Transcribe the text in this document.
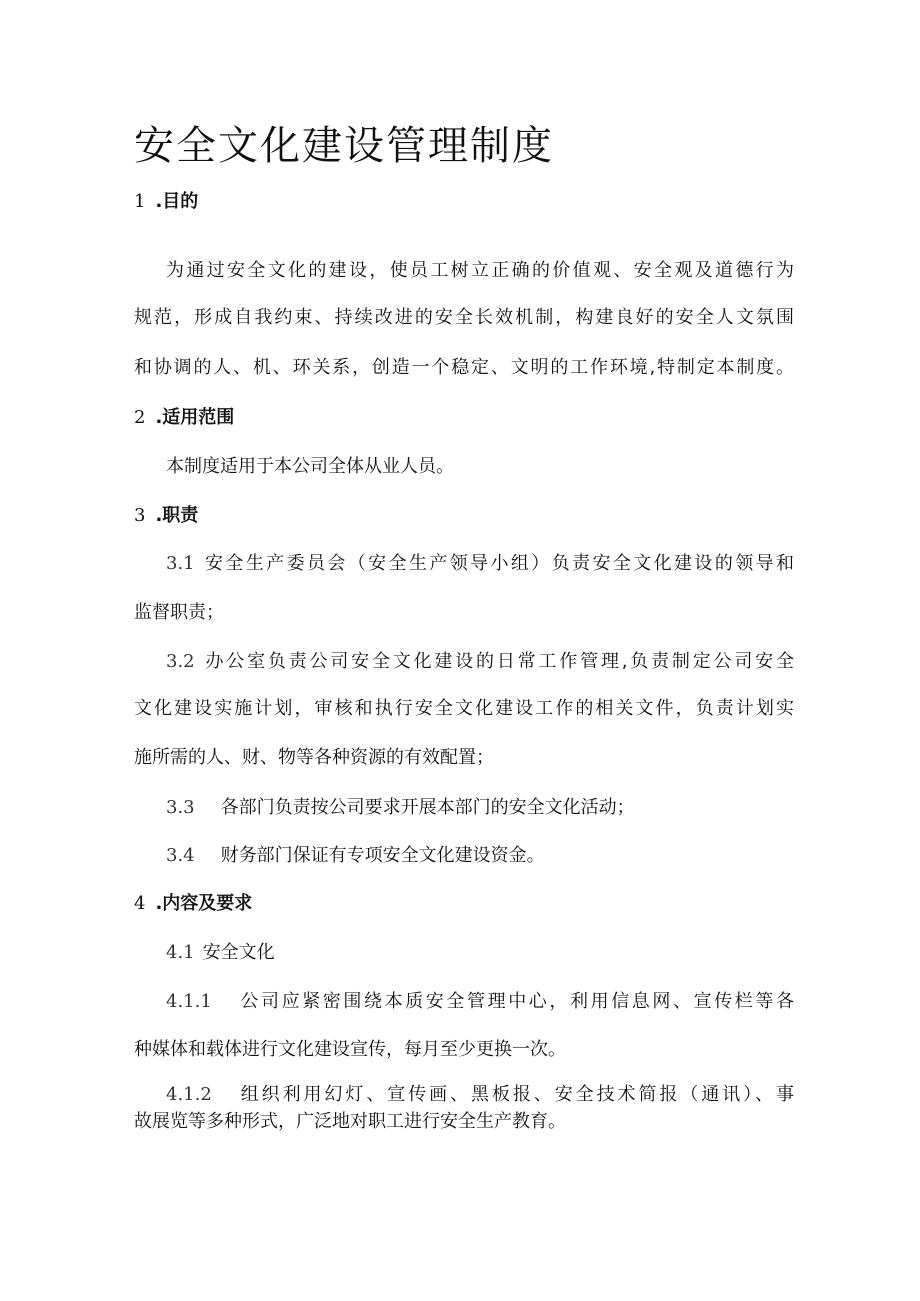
安全文化建设管理制度
1 .目的

为通过安全文化的建设，使员工树立正确的价值观、安全观及道德行为

规范，形成自我约束、持续改进的安全长效机制，构建良好的安全人文氛围

和协调的人、机、环关系，创造一个稳定、文明的工作环境,特制定本制度。

2 .适用范围

本制度适用于本公司全体从业人员。

3 .职责

3.1 安全生产委员会（安全生产领导小组）负责安全文化建设的领导和

监督职责；

3.2 办公室负责公司安全文化建设的日常工作管理,负责制定公司安全

文化建设实施计划，审核和执行安全文化建设工作的相关文件，负责计划实

施所需的人、财、物等各种资源的有效配置；

3.3 各部门负责按公司要求开展本部门的安全文化活动；

3.4 财务部门保证有专项安全文化建设资金。

4 .内容及要求

4.1 安全文化

4.1.1 公司应紧密围绕本质安全管理中心，利用信息网、宣传栏等各

种媒体和载体进行文化建设宣传，每月至少更换一次。

4.1.2 组织利用幻灯、宣传画、黑板报、安全技术简报（通讯）、事

故展览等多种形式，广泛地对职工进行安全生产教育。
